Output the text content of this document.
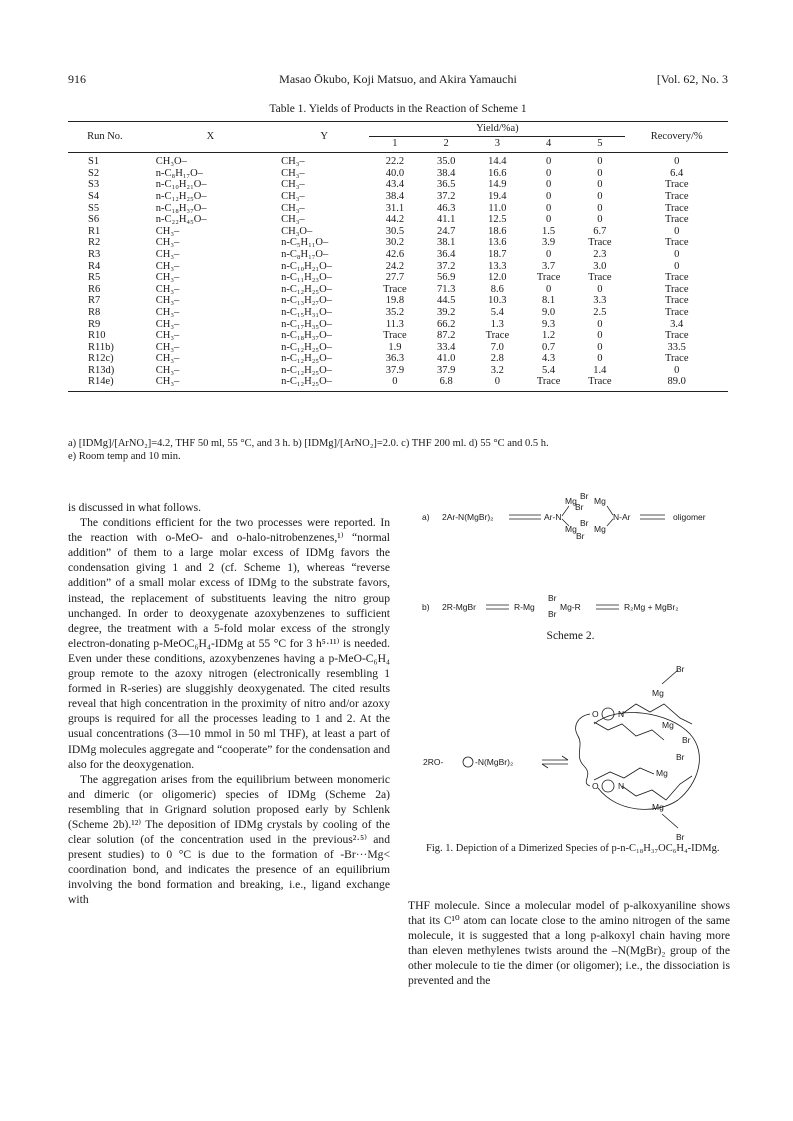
916	Masao Ōkubo, Koji Matsuo, and Akira Yamauchi	[Vol. 62, No. 3
Table 1. Yields of Products in the Reaction of Scheme 1
Run No.	X	Y	Yield/%a)					Recovery/%
			1	2	3	4	5	
S1	CH₃O–	CH₃–	22.2	35.0	14.4	0	0	0
S2	n-C₈H₁₇O–	CH₃–	40.0	38.4	16.6	0	0	6.4
S3	n-C₁₀H₂₁O–	CH₃–	43.4	36.5	14.9	0	0	Trace
S4	n-C₁₂H₂₅O–	CH₃–	38.4	37.2	19.4	0	0	Trace
S5	n-C₁₈H₃₇O–	CH₃–	31.1	46.3	11.0	0	0	Trace
S6	n-C₂₂H₄₅O–	CH₃–	44.2	41.1	12.5	0	0	Trace
R1	CH₃–	CH₃O–	30.5	24.7	18.6	1.5	6.7	0
R2	CH₃–	n-C₅H₁₁O–	30.2	38.1	13.6	3.9	Trace	Trace
R3	CH₃–	n-C₈H₁₇O–	42.6	36.4	18.7	0	2.3	0
R4	CH₃–	n-C₁₀H₂₁O–	24.2	37.2	13.3	3.7	3.0	0
R5	CH₃–	n-C₁₁H₂₃O–	27.7	56.9	12.0	Trace	Trace	Trace
R6	CH₃–	n-C₁₂H₂₅O–	Trace	71.3	8.6	0	0	Trace
R7	CH₃–	n-C₁₃H₂₇O–	19.8	44.5	10.3	8.1	3.3	Trace
R8	CH₃–	n-C₁₅H₃₁O–	35.2	39.2	5.4	9.0	2.5	Trace
R9	CH₃–	n-C₁₇H₃₅O–	11.3	66.2	1.3	9.3	0	3.4
R10	CH₃–	n-C₁₈H₃₇O–	Trace	87.2	Trace	1.2	0	Trace
R11b)	CH₃–	n-C₁₂H₂₅O–	1.9	33.4	7.0	0.7	0	33.5
R12c)	CH₃–	n-C₁₂H₂₅O–	36.3	41.0	2.8	4.3	0	Trace
R13d)	CH₃–	n-C₁₂H₂₅O–	37.9	37.9	3.2	5.4	1.4	0
R14e)	CH₃–	n-C₁₂H₂₅O–	0	6.8	0	Trace	Trace	89.0
a) [IDMg]/[ArNO₂]=4.2, THF 50 ml, 55 °C, and 3 h. b) [IDMg]/[ArNO₂]=2.0. c) THF 200 ml. d) 55 °C and 0.5 h.
e) Room temp and 10 min.

is discussed in what follows.

The conditions efficient for the two processes were reported. In the reaction with o-MeO- and o-halo-nitrobenzenes,¹⁾ “normal addition” of them to a large molar excess of IDMg favors the condensation giving 1 and 2 (cf. Scheme 1), whereas “reverse addition” of a small molar excess of IDMg to the substrate favors, instead, the replacement of substituents leaving the nitro group unchanged. In order to deoxygenate azoxybenzenes to sufficient degree, the treatment with a 5-fold molar excess of the strongly electron-donating p-MeOC₆H₄-IDMg at 55 °C for 3 h⁵·¹¹⁾ is needed. Even under these conditions, azoxybenzenes having a p-MeO-C₆H₄ group remote to the azoxy nitrogen (electronically resembling 1 formed in R-series) are sluggishly deoxygenated. The cited results reveal that high concentration in the proximity of nitro and/or azoxy groups is required for all the processes leading to 1 and 2. At the usual concentrations (3—10 mmol in 50 ml THF), at least a part of IDMg molecules aggregate and “cooperate” for the condensation and also for the deoxygenation.

The aggregation arises from the equilibrium between monomeric and dimeric (or oligomeric) species of IDMg (Scheme 2a) resembling that in Grignard solution proposed early by Schlenk (Scheme 2b).¹²⁾ The deposition of IDMg crystals by cooling of the clear solution (of the concentration used in the previous²·⁵⁾ and present studies) to 0 °C is due to the formation of -Br···Mg< coordination bond, and indicates the presence of an equilibrium involving the bond formation and breaking, i.e., ligand exchange with

a) 2Ar-N(MgBr)₂	Ar-N
Mg Br Mg
Br
Br
Mg Mg
Br
N-Ar	oligomer
b) 2R-MgBr	R-Mg
Br
Br
Mg-R	R₂Mg + MgBr₂
Scheme 2.
2RO-	-N(MgBr)₂
O N
O N
Mg
Br
Mg
Br
Br
Mg
Mg
Br
Fig. 1. Depiction of a Dimerized Species of p-n-C₁₈H₃₇OC₆H₄-IDMg.
THF molecule. Since a molecular model of p-alkoxyaniline shows that its C¹⁰ atom can locate close to the amino nitrogen of the same molecule, it is suggested that a long p-alkoxyl chain having more than eleven methylenes twists around the –N(MgBr)₂ group of the other molecule to tie the dimer (or oligomer); i.e., the dissociation is prevented and the
